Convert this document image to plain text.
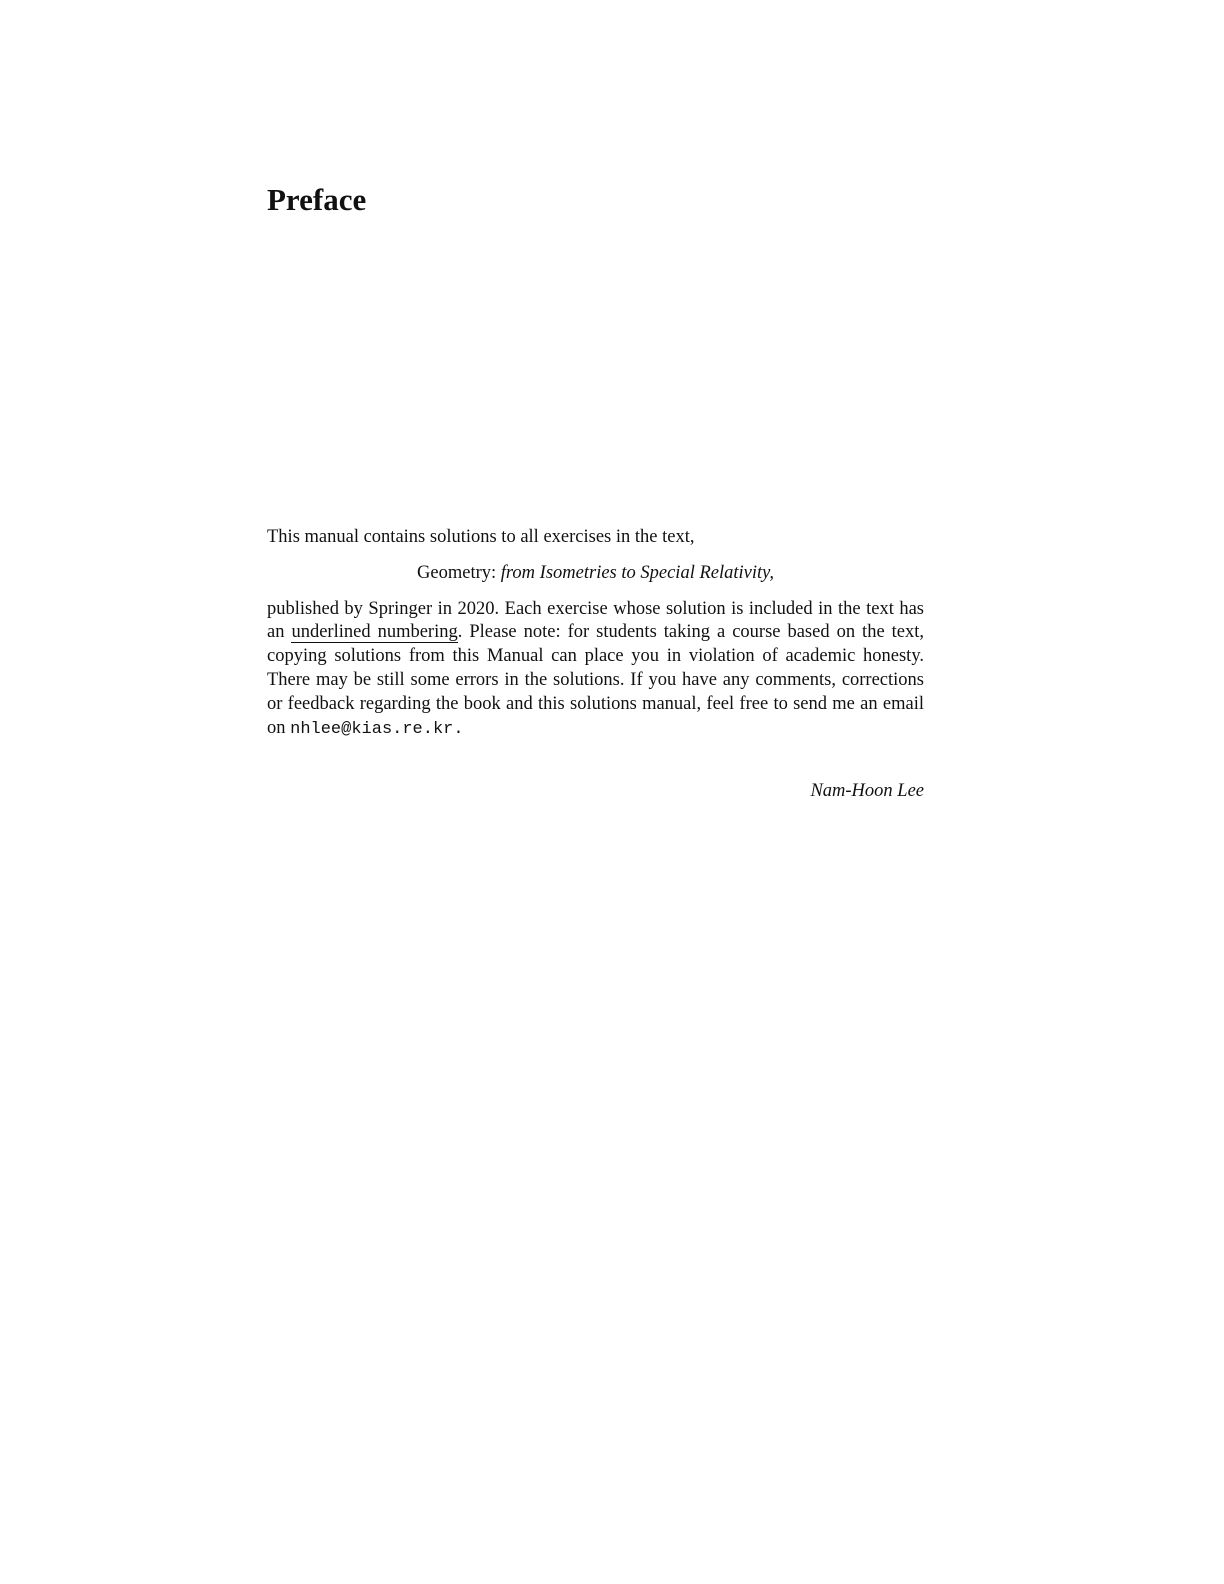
Preface

This manual contains solutions to all exercises in the text,

Geometry: from Isometries to Special Relativity,

published by Springer in 2020. Each exercise whose solution is included in the text has an underlined numbering. Please note: for students taking a course based on the text, copying solutions from this Manual can place you in violation of academic honesty. There may be still some errors in the solutions. If you have any comments, corrections or feedback regarding the book and this solutions manual, feel free to send me an email on nhlee@kias.re.kr.

Nam-Hoon Lee
